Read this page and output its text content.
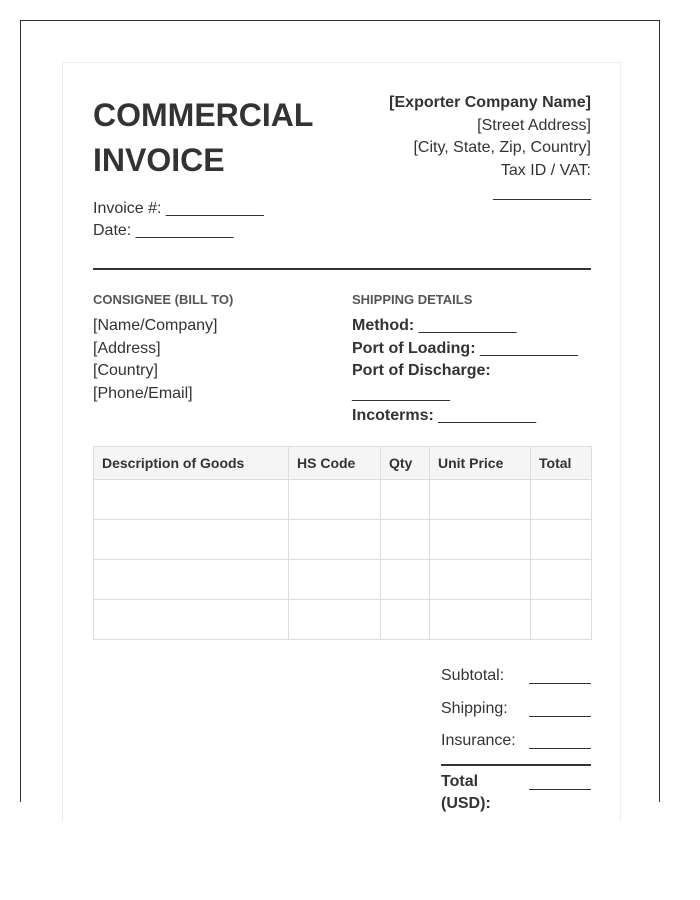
COMMERCIAL INVOICE
Invoice #: ___________
Date: ___________
[Exporter Company Name]
[Street Address]
[City, State, Zip, Country]
Tax ID / VAT:
___________
CONSIGNEE (BILL TO)
[Name/Company]
[Address]
[Country]
[Phone/Email]
SHIPPING DETAILS
Method: ___________
Port of Loading: ___________
Port of Discharge: ___________
Incoterms: ___________
Description of Goods	HS Code	Qty	Unit Price	Total

Subtotal:
Shipping:
Insurance:
Total (USD):
